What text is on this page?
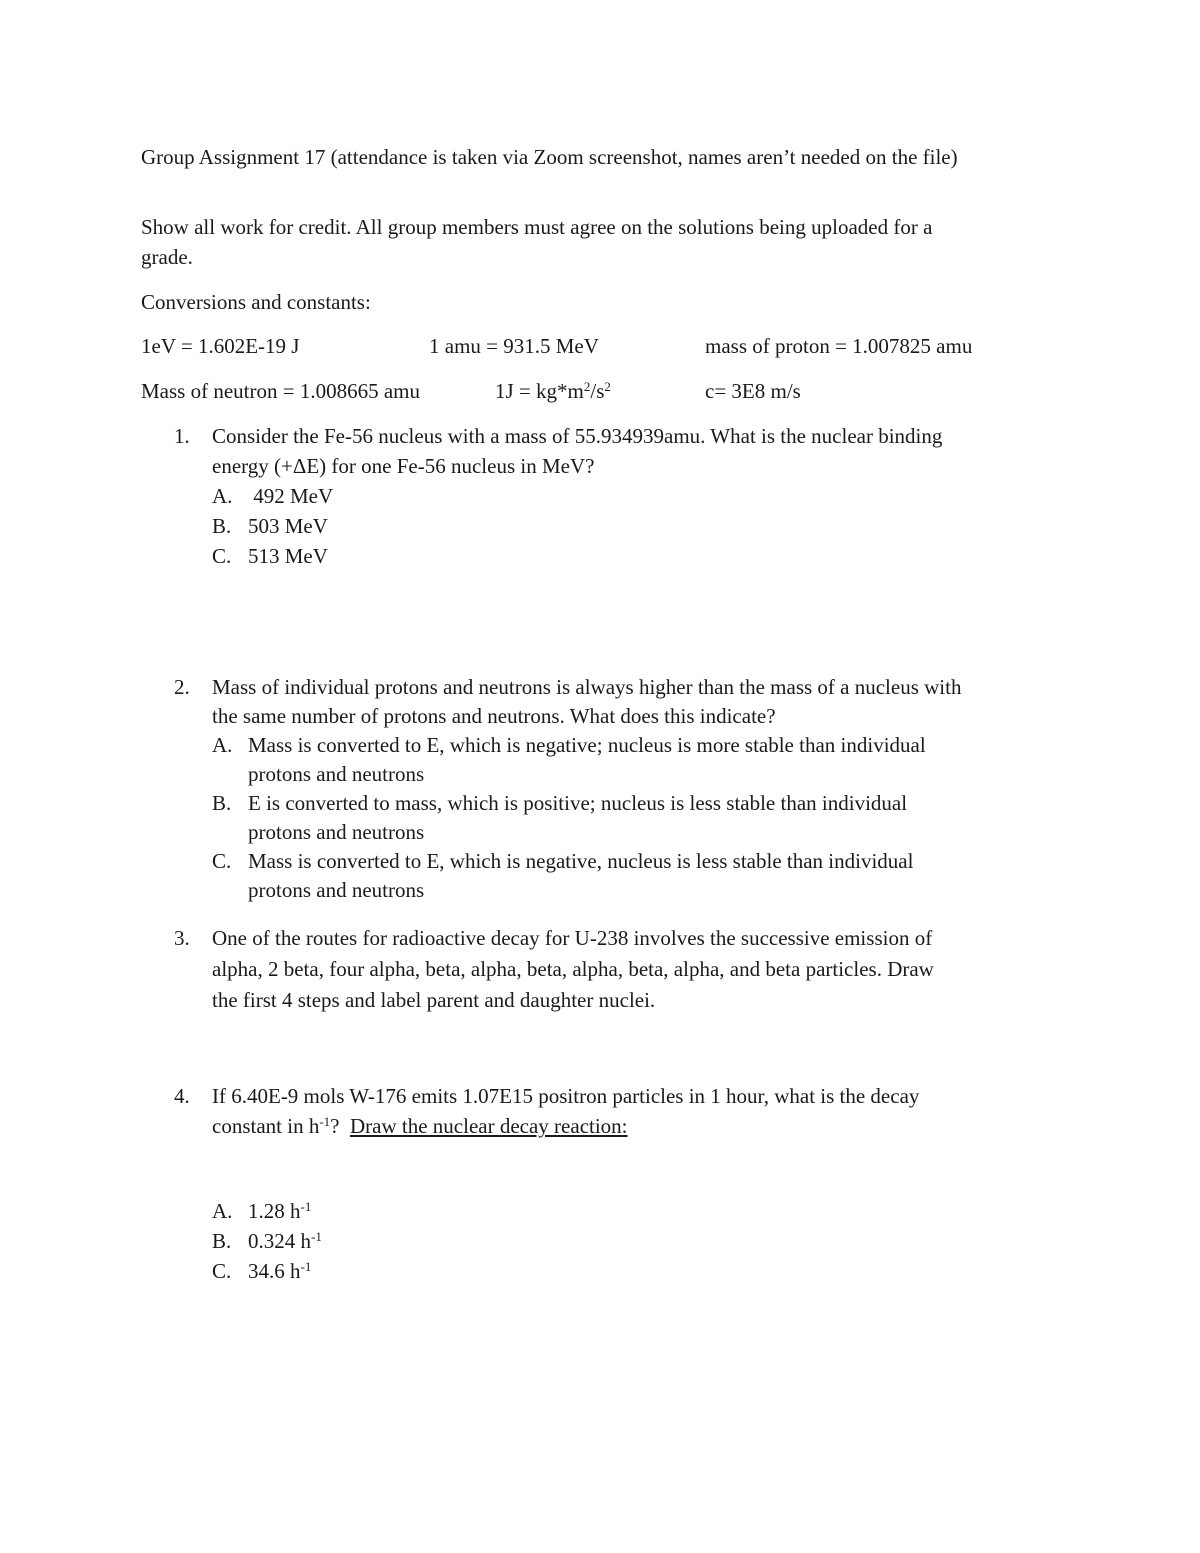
Group Assignment 17 (attendance is taken via Zoom screenshot, names aren’t needed on the file)
Show all work for credit. All group members must agree on the solutions being uploaded for a
grade.
Conversions and constants:
1eV = 1.602E-19 J	1 amu = 931.5 MeV	mass of proton = 1.007825 amu
Mass of neutron = 1.008665 amu	$1J = kg*m^2/s^2$	c= 3E8 m/s
1. Consider the Fe-56 nucleus with a mass of 55.934939amu. What is the nuclear binding
energy (+ΔE) for one Fe-56 nucleus in MeV?
A. 492 MeV
B. 503 MeV
C. 513 MeV
2. Mass of individual protons and neutrons is always higher than the mass of a nucleus with
the same number of protons and neutrons. What does this indicate?
A. Mass is converted to E, which is negative; nucleus is more stable than individual
protons and neutrons
B. E is converted to mass, which is positive; nucleus is less stable than individual
protons and neutrons
C. Mass is converted to E, which is negative, nucleus is less stable than individual
protons and neutrons
3. One of the routes for radioactive decay for U-238 involves the successive emission of
alpha, 2 beta, four alpha, beta, alpha, beta, alpha, beta, alpha, and beta particles. Draw
the first 4 steps and label parent and daughter nuclei.
4. If 6.40E-9 mols W-176 emits 1.07E15 positron particles in 1 hour, what is the decay
constant in $h^{-1}$?  Draw the nuclear decay reaction:
A. 1.28 $h^{-1}$
B. 0.324 $h^{-1}$
C. 34.6 $h^{-1}$
